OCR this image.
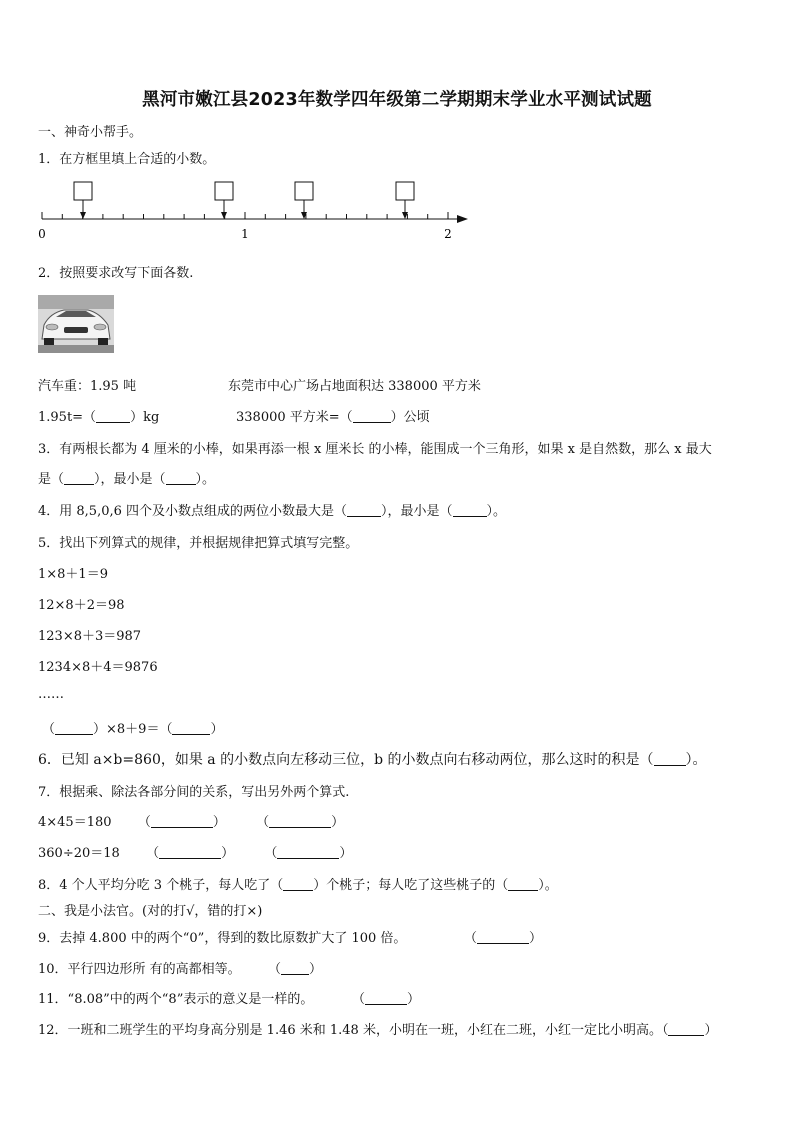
黑河市嫩江县2023年数学四年级第二学期期末学业水平测试试题
一、神奇小帮手。
1．在方框里填上合适的小数。
0	1	2
2．按照要求改写下面各数.
汽车重：1.95 吨	东莞市中心广场占地面积达 338000 平方米
1.95t=（	）kg	338000 平方米=（	）公顷
3．有两根长都为 4 厘米的小棒，如果再添一根 x 厘米长 的小棒，能围成一个三角形，如果 x 是自然数，那么 x 最大
是（ ），最小是（ ）。
4．用 8,5,0,6 四个及小数点组成的两位小数最大是（	），最小是（	）。
5．找出下列算式的规律，并根据规律把算式填写完整。
1×8＋1＝9
12×8＋2＝98
123×8＋3＝987
1234×8＋4＝9876
……
（	）×8＋9＝（	）
6．已知 a×b=860，如果 a 的小数点向左移动三位，b 的小数点向右移动两位，那么这时的积是（ ）。
7．根据乘、除法各部分间的关系，写出另外两个算式.
4×45＝180 （	） （	）
360÷20＝18 （	） （	）
8．4 个人平均分吃 3 个桃子，每人吃了（ ）个桃子；每人吃了这些桃子的（ ）。
二、我是小法官。(对的打√，错的打×)
9．去掉 4.800 中的两个“0”，得到的数比原数扩大了 100 倍。	（	）
10．平行四边形所 有的高都相等。 （ ）
11．“8.08”中的两个“8”表示的意义是一样的。	（	）
12．一班和二班学生的平均身高分别是 1.46 米和 1.48 米，小明在一班，小红在二班，小红一定比小明高。（	）
